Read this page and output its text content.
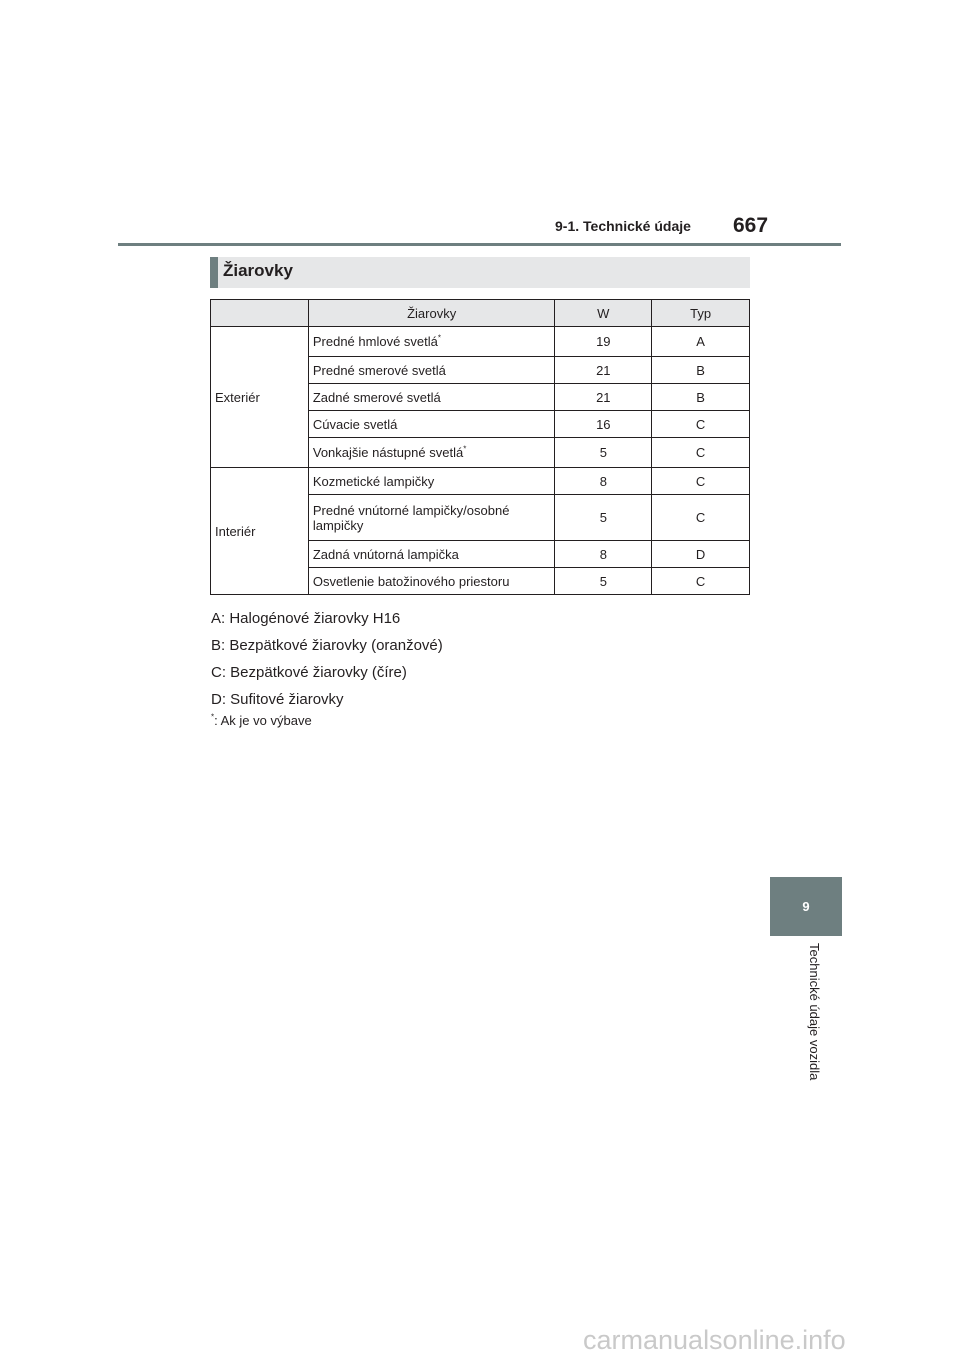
9-1. Technické údaje 667
Žiarovky
	Žiarovky	W	Typ
Exteriér	Predné hmlové svetlá*	19	A
	Predné smerové svetlá	21	B
	Zadné smerové svetlá	21	B
	Cúvacie svetlá	16	C
	Vonkajšie nástupné svetlá*	5	C
Interiér	Kozmetické lampičky	8	C
	Predné vnútorné lampičky/osobné lampičky	5	C
	Zadná vnútorná lampička	8	D
	Osvetlenie batožinového priestoru	5	C
A: Halogénové žiarovky H16
B: Bezpätkové žiarovky (oranžové)
C: Bezpätkové žiarovky (číre)
D: Sufitové žiarovky
*: Ak je vo výbave
9
Technické údaje vozidla
carmanualsonline.info
